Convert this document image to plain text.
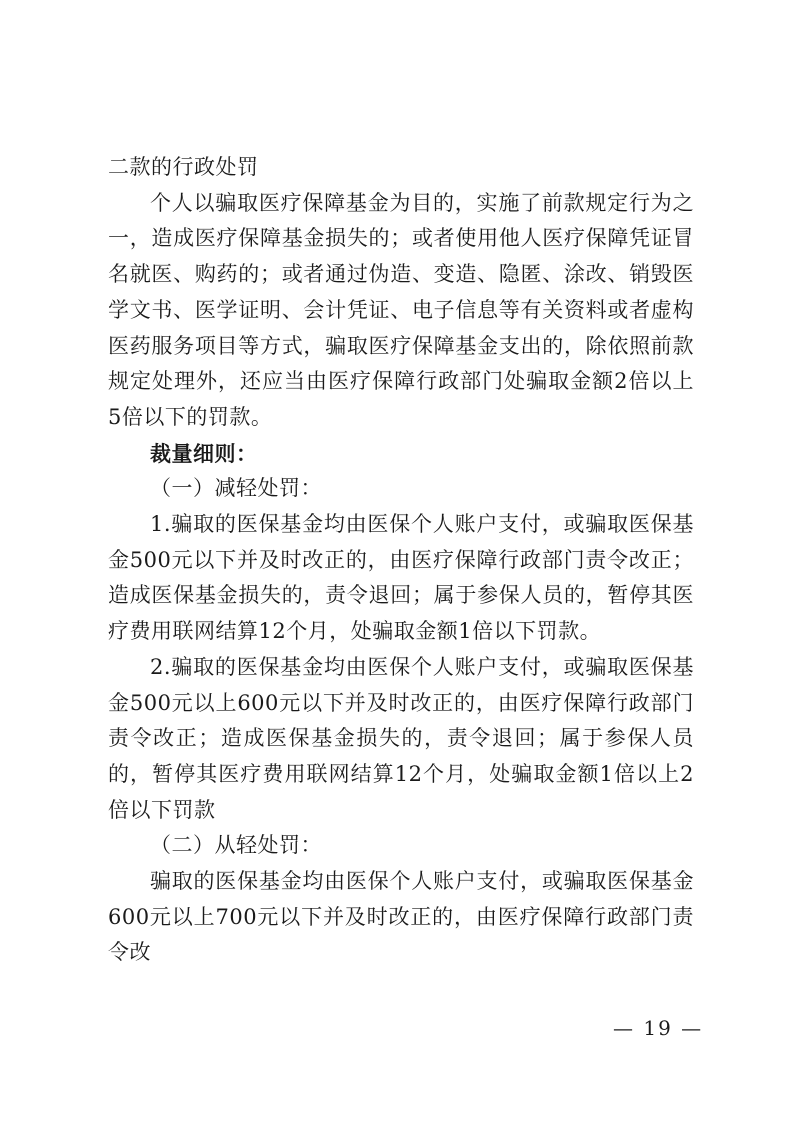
二款的行政处罚

个人以骗取医疗保障基金为目的，实施了前款规定行为之一，造成医疗保障基金损失的；或者使用他人医疗保障凭证冒名就医、购药的；或者通过伪造、变造、隐匿、涂改、销毁医学文书、医学证明、会计凭证、电子信息等有关资料或者虚构医药服务项目等方式，骗取医疗保障基金支出的，除依照前款规定处理外，还应当由医疗保障行政部门处骗取金额2倍以上5倍以下的罚款。

裁量细则：

（一）减轻处罚：

1.骗取的医保基金均由医保个人账户支付，或骗取医保基金500元以下并及时改正的，由医疗保障行政部门责令改正；造成医保基金损失的，责令退回；属于参保人员的，暂停其医疗费用联网结算12个月，处骗取金额1倍以下罚款。

2.骗取的医保基金均由医保个人账户支付，或骗取医保基金500元以上600元以下并及时改正的，由医疗保障行政部门责令改正；造成医保基金损失的，责令退回；属于参保人员的，暂停其医疗费用联网结算12个月，处骗取金额1倍以上2倍以下罚款

（二）从轻处罚：

骗取的医保基金均由医保个人账户支付，或骗取医保基金600元以上700元以下并及时改正的，由医疗保障行政部门责令改

— 19 —
